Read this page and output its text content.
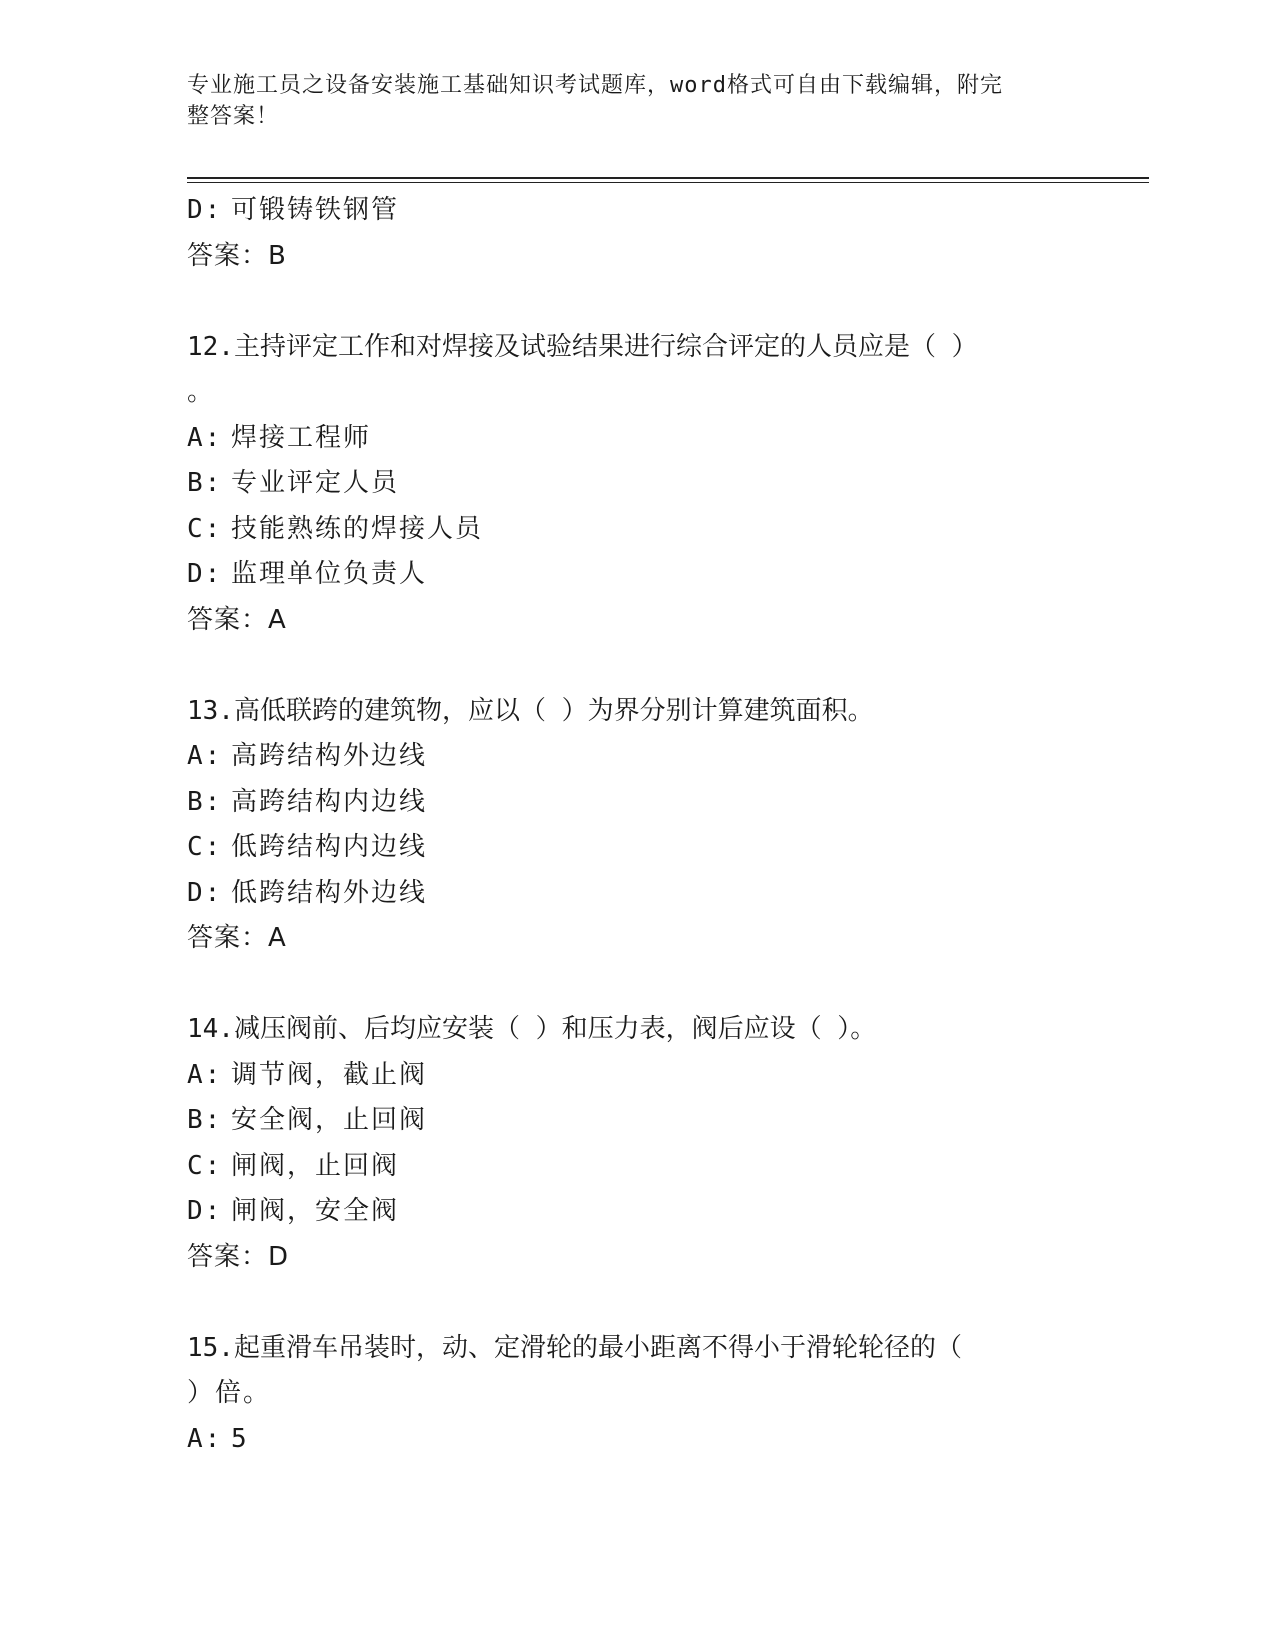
专业施工员之设备安装施工基础知识考试题库，word格式可自由下载编辑，附完
整答案！
D: 可锻铸铁钢管
答案：B
12.主持评定工作和对焊接及试验结果进行综合评定的人员应是（ ）
。
A: 焊接工程师
B: 专业评定人员
C: 技能熟练的焊接人员
D: 监理单位负责人
答案：A
13.高低联跨的建筑物，应以（ ）为界分别计算建筑面积。
A: 高跨结构外边线
B: 高跨结构内边线
C: 低跨结构内边线
D: 低跨结构外边线
答案：A
14.减压阀前、后均应安装（ ）和压力表，阀后应设（ ）。
A: 调节阀，截止阀
B: 安全阀，止回阀
C: 闸阀，止回阀
D: 闸阀，安全阀
答案：D
15.起重滑车吊装时，动、定滑轮的最小距离不得小于滑轮轮径的（
）倍。
A: 5
